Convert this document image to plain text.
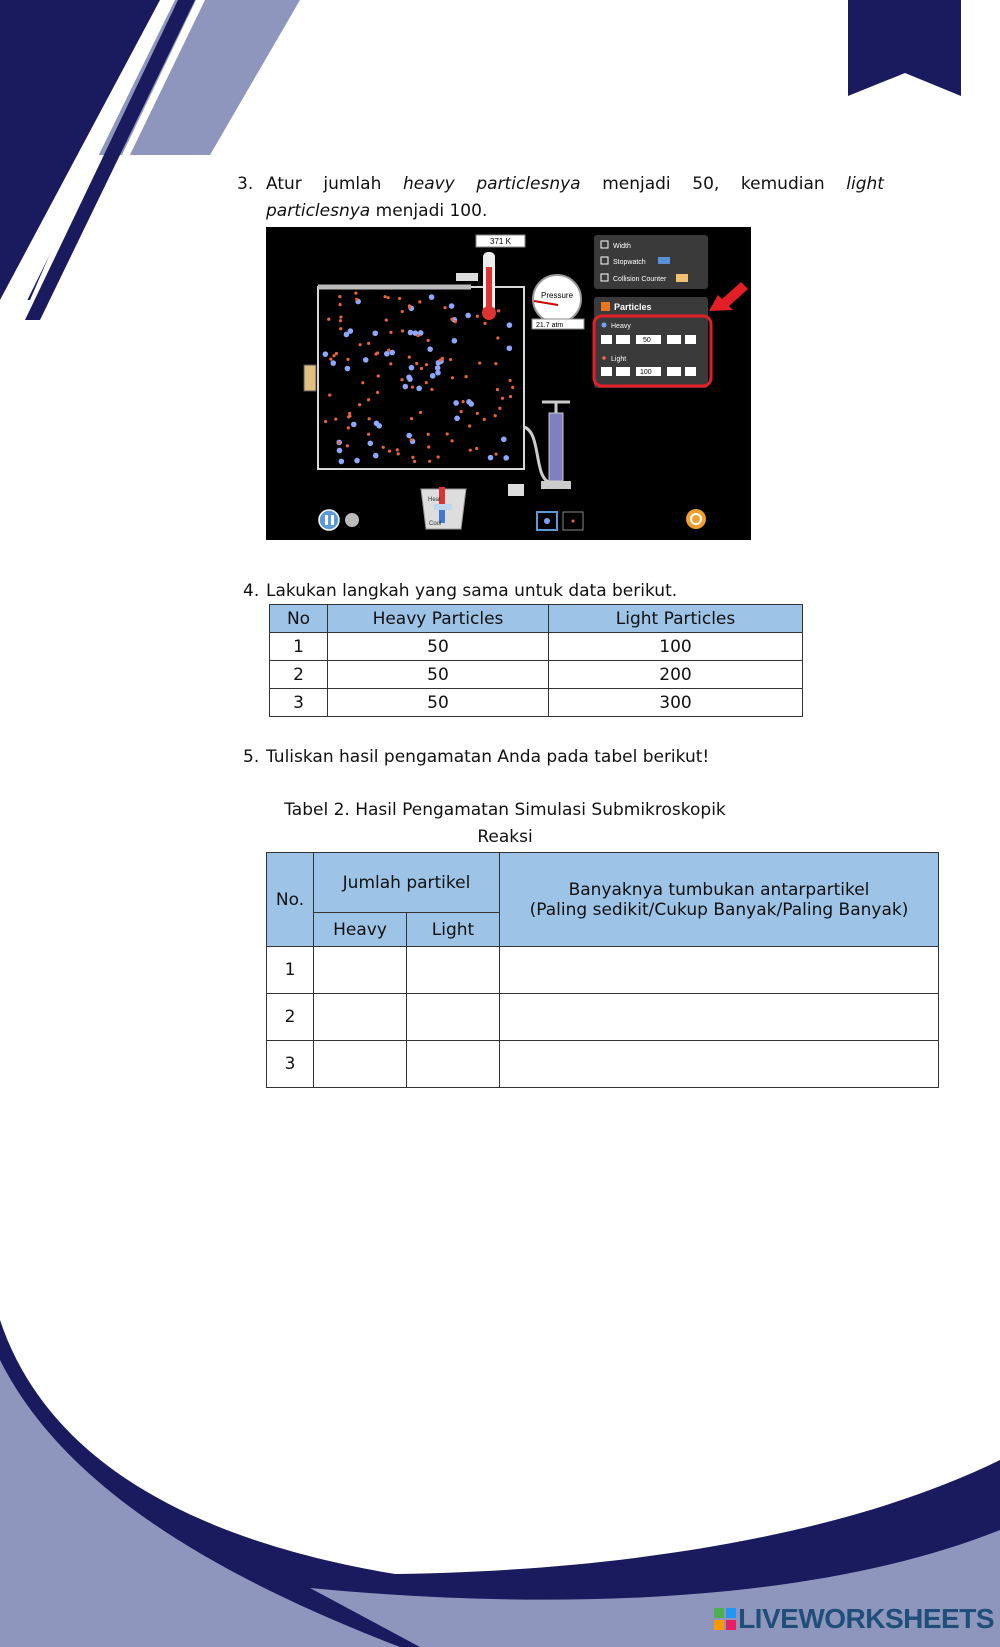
3. Atur jumlah heavy particlesnya menjadi 50, kemudian light
particlesnya menjadi 100.
371 K
Pressure
21.7 atm
Width
Stopwatch
Collision Counter
Particles
Heavy
50
Light
100
Heat
Cool
4. Lakukan langkah yang sama untuk data berikut.
No	Heavy Particles	Light Particles
1	50	100
2	50	200
3	50	300
5. Tuliskan hasil pengamatan Anda pada tabel berikut!
Tabel 2. Hasil Pengamatan Simulasi Submikroskopik Reaksi
No.	Jumlah partikel		Banyaknya tumbukan antarpartikel
(Paling sedikit/Cukup Banyak/Paling Banyak)

	Heavy	Light	
1			
2			
3			
LIVEWORKSHEETS
